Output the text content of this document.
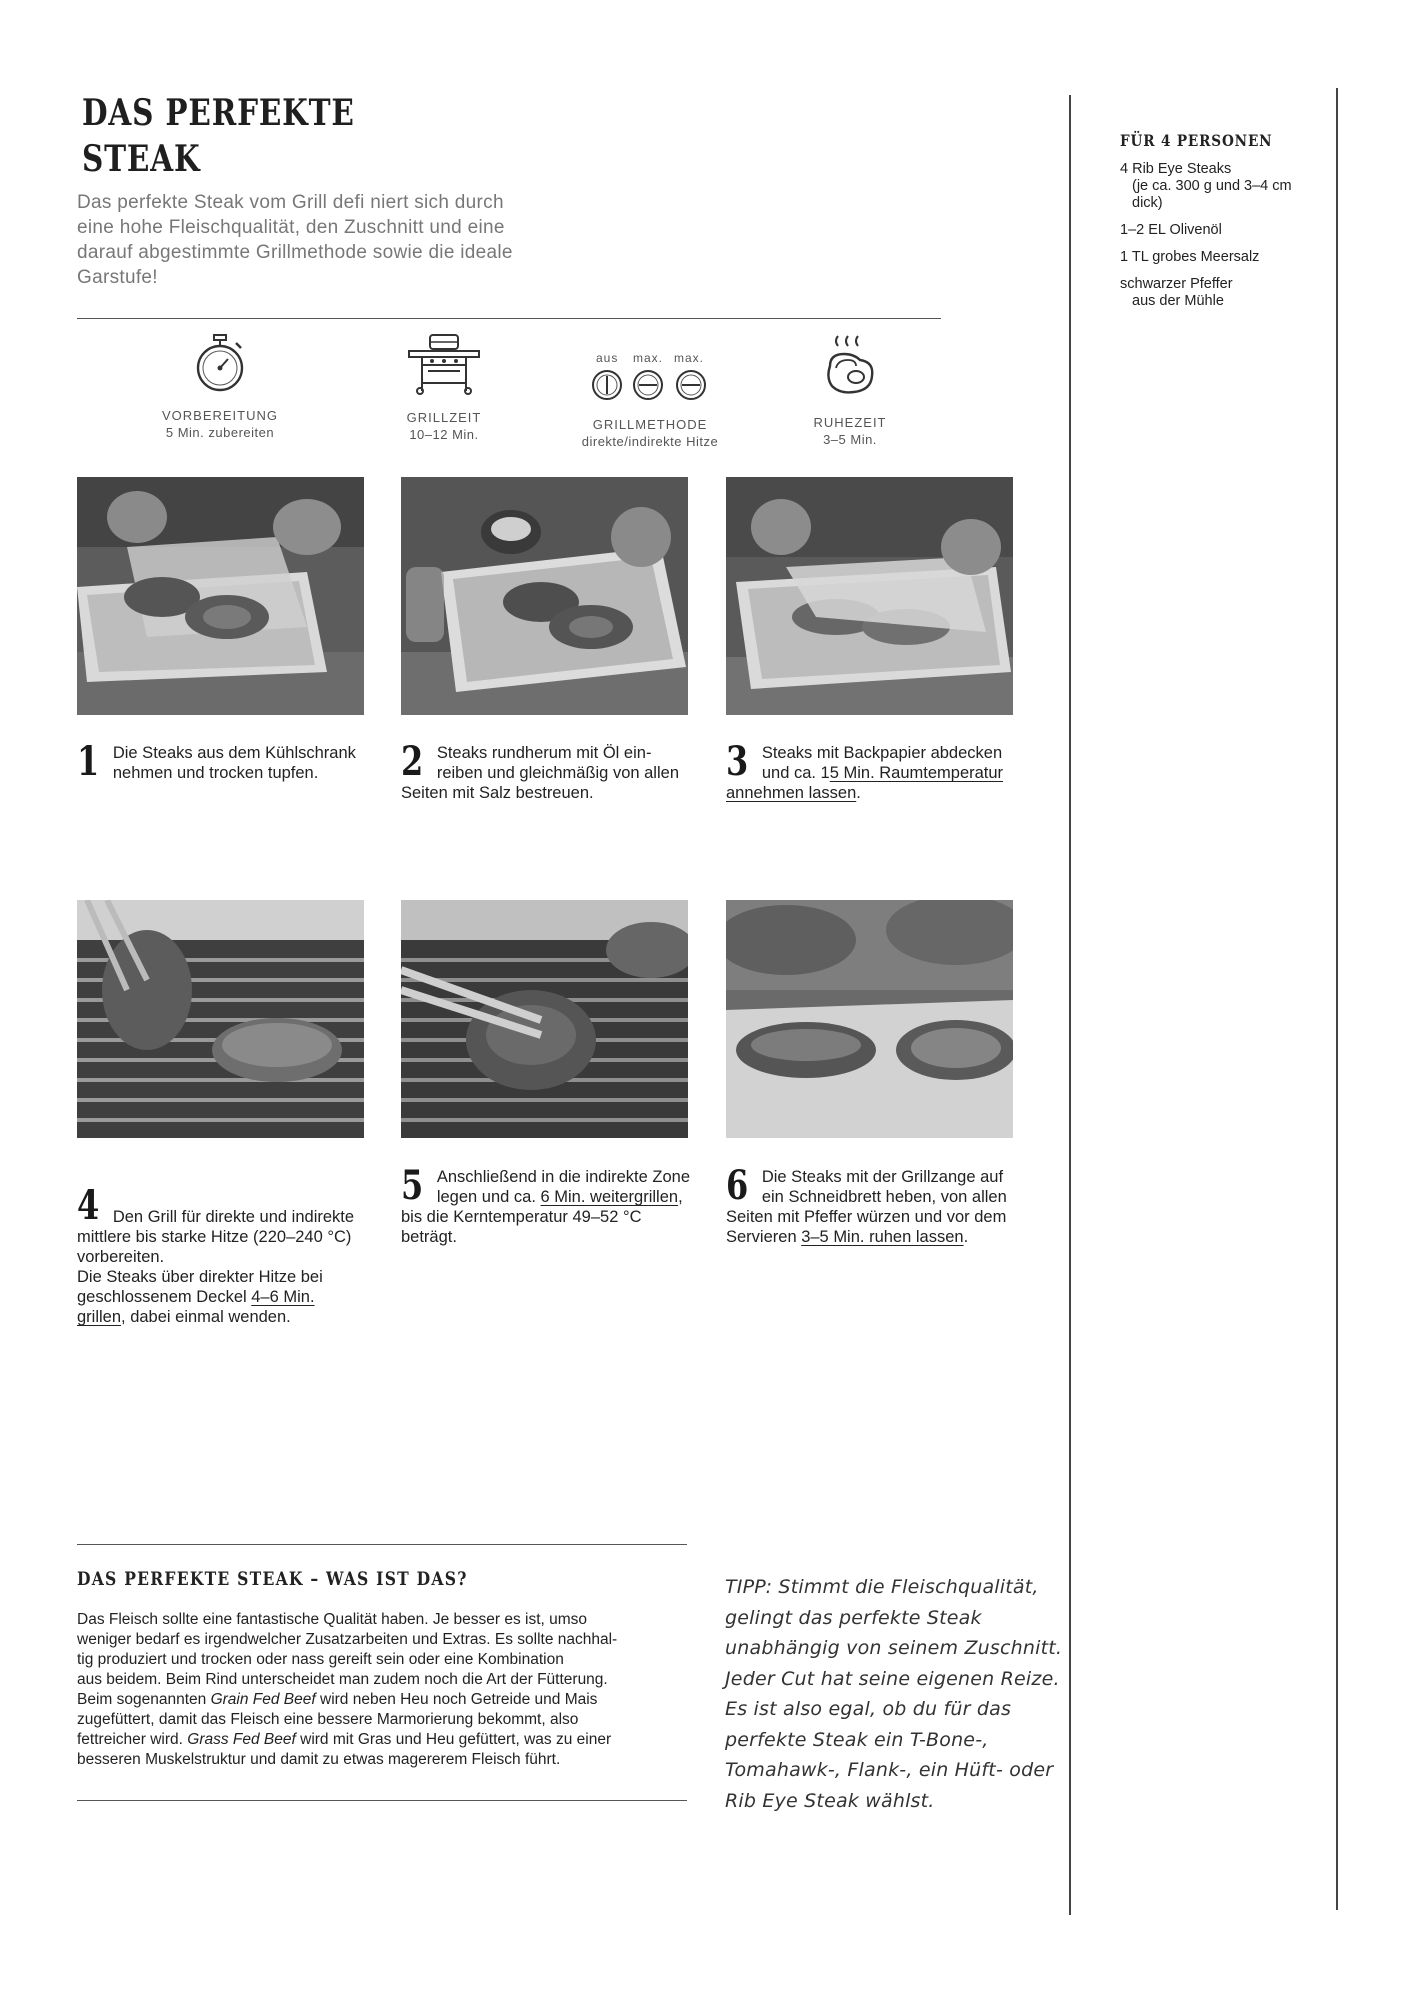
DAS PERFEKTE
STEAK

Das perfekte Steak vom Grill defi niert sich durch eine hohe Fleischqualität, den Zuschnitt und eine darauf abgestimmte Grillmethode sowie die ideale Garstufe!

FÜR 4 PERSONEN
4 Rib Eye Steaks
(je ca. 300 g und 3–4 cm dick)
1–2 EL Olivenöl
1 TL grobes Meersalz
schwarzer Pfeffer
aus der Mühle
VORBEREITUNG
5 Min. zubereiten
GRILLZEIT
10–12 Min.
aus max. max.
GRILLMETHODE
direkte/indirekte Hitze
RUHEZEIT
3–5 Min.
1 Die Steaks aus dem Kühlschrank nehmen und trocken tupfen.	2 Steaks rundherum mit Öl einreiben und gleichmäßig von allen Seiten mit Salz bestreuen.
3 Steaks mit Backpapier abdecken und ca. 15 Min. Raumtemperatur annehmen lassen.

4 Den Grill für direkte und indirekte mittlere bis starke Hitze (220–240 °C) vorbereiten.
Die Steaks über direkter Hitze bei geschlossenem Deckel 4–6 Min. grillen, dabei einmal wenden.

5 Anschließend in die indirekte Zone legen und ca. 6 Min. weitergrillen, bis die Kerntemperatur 49–52 °C beträgt.
6 Die Steaks mit der Grillzange auf ein Schneidbrett heben, von allen Seiten mit Pfeffer würzen und vor dem Servieren 3–5 Min. ruhen lassen.
DAS PERFEKTE STEAK – WAS IST DAS?
Das Fleisch sollte eine fantastische Qualität haben. Je besser es ist, umso
weniger bedarf es irgendwelcher Zusatzarbeiten und Extras. Es sollte nachhal-
tig produziert und trocken oder nass gereift sein oder eine Kombination
aus beidem. Beim Rind unterscheidet man zudem noch die Art der Fütterung.
Beim sogenannten Grain Fed Beef wird neben Heu noch Getreide und Mais
zugefüttert, damit das Fleisch eine bessere Marmorierung bekommt, also
fettreicher wird. Grass Fed Beef wird mit Gras und Heu gefüttert, was zu einer
besseren Muskelstruktur und damit zu etwas magererem Fleisch führt.

TIPP: Stimmt die Fleischqualität, gelingt das perfekte Steak unabhängig von seinem Zuschnitt. Jeder Cut hat seine eigenen Reize. Es ist also egal, ob du für das perfekte Steak ein T-Bone-, Tomahawk-, Flank-, ein Hüft- oder Rib Eye Steak wählst.
